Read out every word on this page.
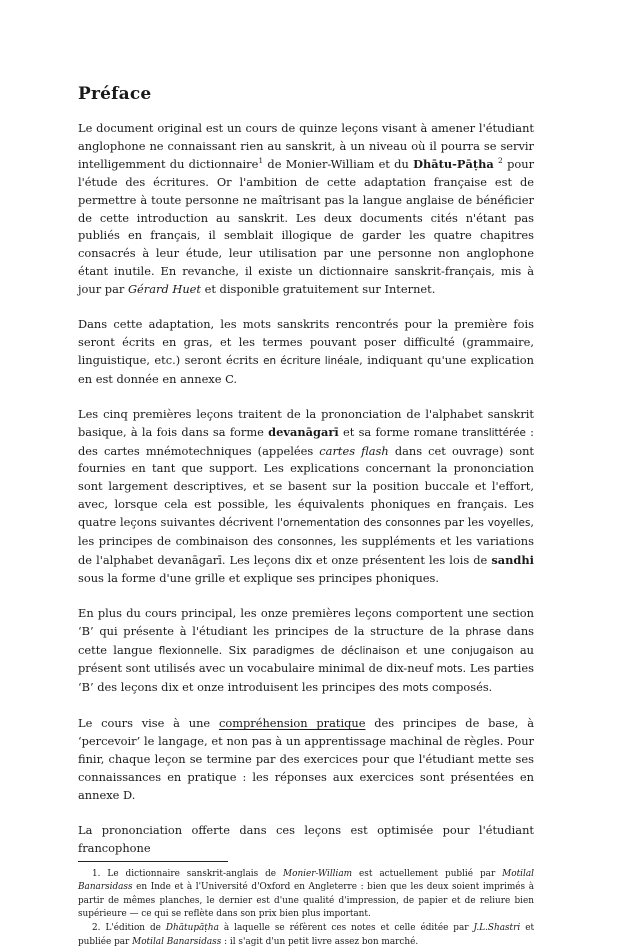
Préface

Le document original est un cours de quinze leçons visant à amener l'étudiant anglophone ne connaissant rien au sanskrit, à un niveau où il pourra se servir intelligemment du dictionnaire$^1$ de Monier-William et du Dhātu-Pāṭha $^2$ pour l'étude des écritures. Or l'ambition de cette adaptation française est de permettre à toute personne ne maîtrisant pas la langue anglaise de bénéficier de cette introduction au sanskrit. Les deux documents cités n'étant pas publiés en français, il semblait illogique de garder les quatre chapitres consacrés à leur étude, leur utilisation par une personne non anglophone étant inutile. En revanche, il existe un dictionnaire sanskrit-français, mis à jour par Gérard Huet et disponible gratuitement sur Internet.

Dans cette adaptation, les mots sanskrits rencontrés pour la première fois seront écrits en gras, et les termes pouvant poser difficulté (grammaire, linguistique, etc.) seront écrits en écriture linéale, indiquant qu'une explication en est donnée en annexe C.

Les cinq premières leçons traitent de la prononciation de l'alphabet sanskrit basique, à la fois dans sa forme devanāgarī et sa forme romane translittérée : des cartes mnémotechniques (appelées cartes flash dans cet ouvrage) sont fournies en tant que support. Les explications concernant la prononciation sont largement descriptives, et se basent sur la position buccale et l'effort, avec, lorsque cela est possible, les équivalents phoniques en français. Les quatre leçons suivantes décrivent l'ornementation des consonnes par les voyelles, les principes de combinaison des consonnes, les suppléments et les variations de l'alphabet devanāgarī. Les leçons dix et onze présentent les lois de sandhi sous la forme d'une grille et explique ses principes phoniques.

En plus du cours principal, les onze premières leçons comportent une section ‘B’ qui présente à l'étudiant les principes de la structure de la phrase dans cette langue flexionnelle. Six paradigmes de déclinaison et une conjugaison au présent sont utilisés avec un vocabulaire minimal de dix-neuf mots. Les parties ‘B’ des leçons dix et onze introduisent les principes des mots composés.

Le cours vise à une compréhension pratique des principes de base, à ‘percevoir’ le langage, et non pas à un apprentissage machinal de règles. Pour finir, chaque leçon se termine par des exercices pour que l'étudiant mette ses connaissances en pratique : les réponses aux exercices sont présentées en annexe D.

La prononciation offerte dans ces leçons est optimisée pour l'étudiant francophone

1. Le dictionnaire sanskrit-anglais de Monier-William est actuellement publié par Motilal Banarsidass en Inde et à l'Université d'Oxford en Angleterre : bien que les deux soient imprimés à partir de mêmes planches, le dernier est d'une qualité d'impression, de papier et de reliure bien supérieure — ce qui se reflète dans son prix bien plus important.

2. L'édition de Dhātupāṭha à laquelle se réfèrent ces notes et celle éditée par J.L.Shastri et publiée par Motilal Banarsidass : il s'agit d'un petit livre assez bon marché.
